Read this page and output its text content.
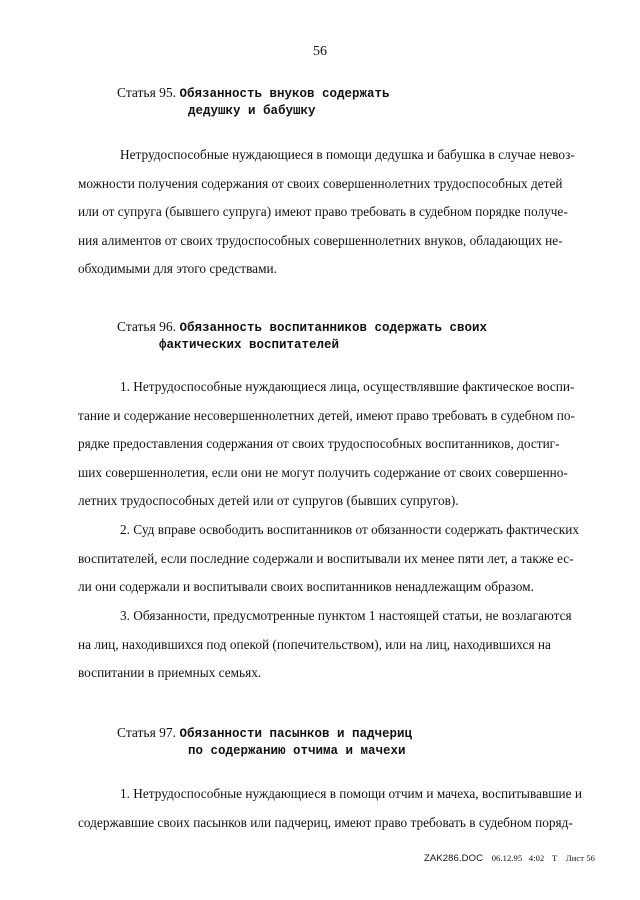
56
Статья 95. Обязанность внуков содержать
дедушку и бабушку
Нетрудоспособные нуждающиеся в помощи дедушка и бабушка в случае невоз-
можности получения содержания от своих совершеннолетних трудоспособных детей
или от супруга (бывшего супруга) имеют право требовать в судебном порядке получе-
ния алиментов от своих трудоспособных совершеннолетних внуков, обладающих не-
обходимыми для этого средствами.
Статья 96. Обязанность воспитанников содержать своих
фактических воспитателей
1. Нетрудоспособные нуждающиеся лица, осуществлявшие фактическое воспи-
тание и содержание несовершеннолетних детей, имеют право требовать в судебном по-
рядке предоставления содержания от своих трудоспособных воспитанников, достиг-
ших совершеннолетия, если они не могут получить содержание от своих совершенно-
летних трудоспособных детей или от супругов (бывших супругов).
2. Суд вправе освободить воспитанников от обязанности содержать фактических
воспитателей, если последние содержали и воспитывали их менее пяти лет, а также ес-
ли они содержали и воспитывали своих воспитанников ненадлежащим образом.
3. Обязанности, предусмотренные пунктом 1 настоящей статьи, не возлагаются
на лиц, находившихся под опекой (попечительством), или на лиц, находившихся на
воспитании в приемных семьях.
Статья 97. Обязанности пасынков и падчериц
по содержанию отчима и мачехи
1. Нетрудоспособные нуждающиеся в помощи отчим и мачеха, воспитывавшие и
содержавшие своих пасынков или падчериц, имеют право требовать в судебном поряд-
ZAK286.DOC 06.12.95 4:02 T Лист 56
